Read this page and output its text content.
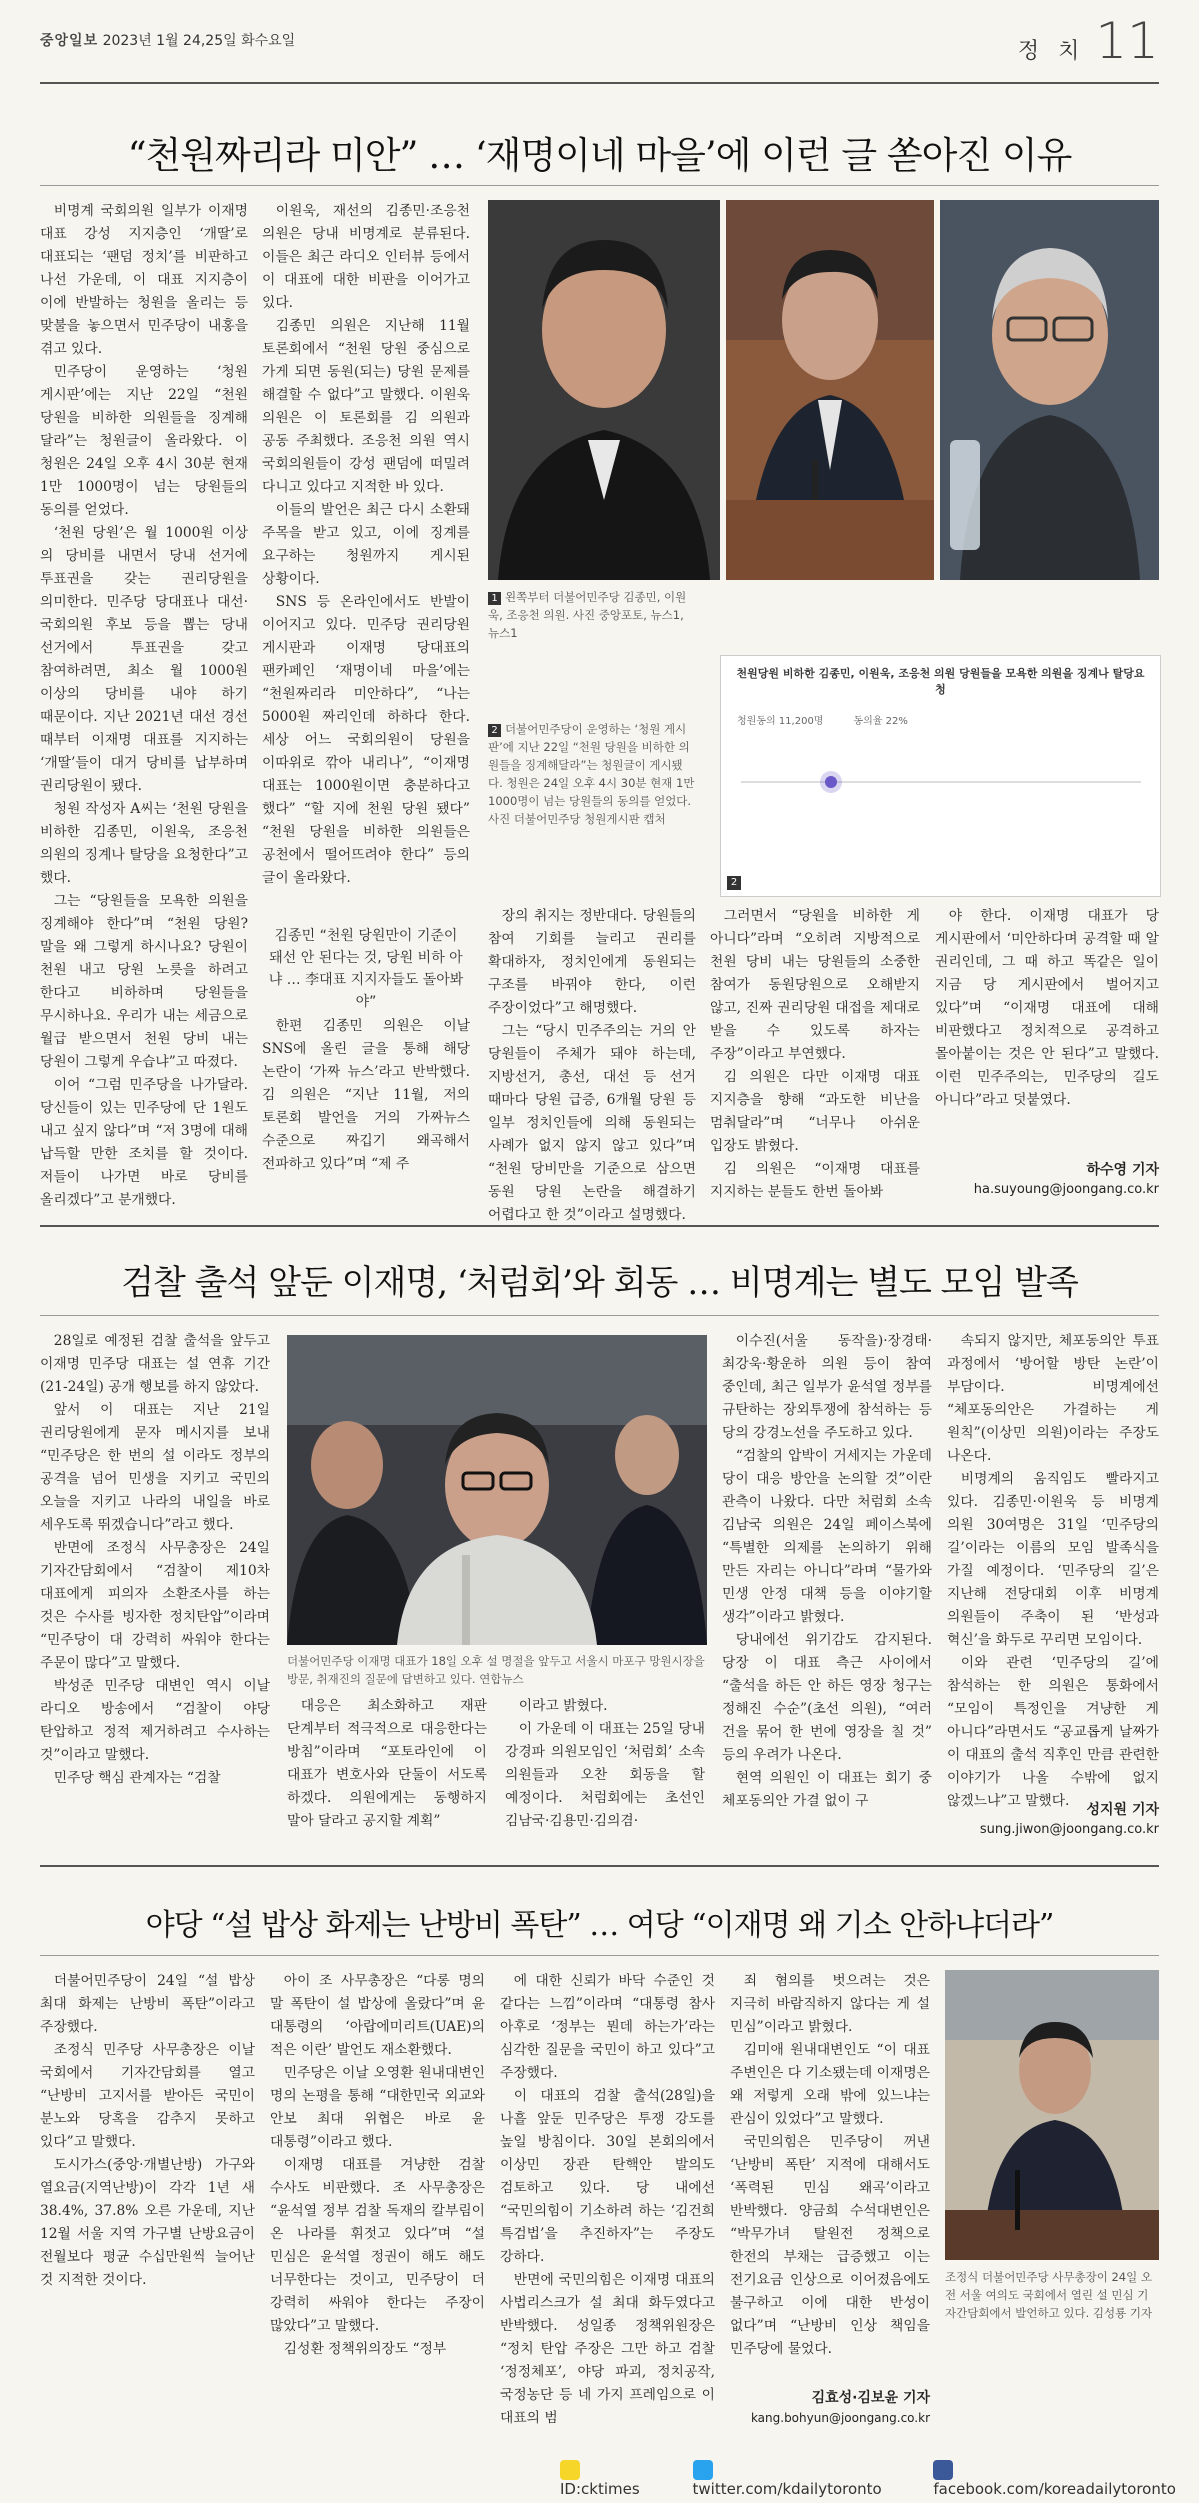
중앙일보 2023년 1월 24,25일 화수요일	정 치 11
“천원짜리라 미안” … ‘재명이네 마을’에 이런 글 쏟아진 이유

비명계 국회의원 일부가 이재명 대표 강성 지지층인 ‘개딸’로 대표되는 ‘팬덤 정치’를 비판하고 나선 가운데, 이 대표 지지층이 이에 반발하는 청원을 올리는 등 맞불을 놓으면서 민주당이 내홍을 겪고 있다.

민주당이 운영하는 ‘청원 게시판’에는 지난 22일 “천원 당원을 비하한 의원들을 징계해 달라”는 청원글이 올라왔다. 이 청원은 24일 오후 4시 30분 현재 1만 1000명이 넘는 당원들의 동의를 얻었다.

‘천원 당원’은 월 1000원 이상 의 당비를 내면서 당내 선거에 투표권을 갖는 권리당원을 의미한다. 민주당 당대표나 대선·국회의원 후보 등을 뽑는 당내 선거에서 투표권을 갖고 참여하려면, 최소 월 1000원 이상의 당비를 내야 하기 때문이다. 지난 2021년 대선 경선 때부터 이재명 대표를 지지하는 ‘개딸’들이 대거 당비를 납부하며 권리당원이 됐다.

청원 작성자 A씨는 ‘천원 당원을 비하한 김종민, 이원욱, 조응천 의원의 징계나 탈당을 요청한다”고 했다.

그는 “당원들을 모욕한 의원을 징계해야 한다”며 “천원 당원? 말을 왜 그렇게 하시나요? 당원이 천원 내고 당원 노릇을 하려고 한다고 비하하며 당원들을 무시하나요. 우리가 내는 세금으로 월급 받으면서 천원 당비 내는 당원이 그렇게 우습냐”고 따졌다.

이어 “그럼 민주당을 나가달라. 당신들이 있는 민주당에 단 1원도 내고 싶지 않다”며 “저 3명에 대해 납득할 만한 조치를 할 것이다. 저들이 나가면 바로 당비를 올리겠다”고 분개했다.

이원욱, 재선의 김종민·조응천 의원은 당내 비명계로 분류된다. 이들은 최근 라디오 인터뷰 등에서 이 대표에 대한 비판을 이어가고 있다.

김종민 의원은 지난해 11월 토론회에서 “천원 당원 중심으로 가게 되면 동원(되는) 당원 문제를 해결할 수 없다”고 말했다. 이원욱 의원은 이 토론회를 김 의원과 공동 주최했다. 조응천 의원 역시 국회의원들이 강성 팬덤에 떠밀려 다니고 있다고 지적한 바 있다.

이들의 발언은 최근 다시 소환돼 주목을 받고 있고, 이에 징계를 요구하는 청원까지 게시된 상황이다.

SNS 등 온라인에서도 반발이 이어지고 있다. 민주당 권리당원 게시판과 이재명 당대표의 팬카페인 ‘재명이네 마을’에는 “천원짜리라 미안하다”, “나는 5000원 짜리인데 하하다 한다. 세상 어느 국회의원이 당원을 이따위로 깎아 내리나”, “이재명 대표는 1000원이면 충분하다고 했다” “할 지에 천원 당원 됐다” “천원 당원을 비하한 의원들은 공천에서 떨어뜨려야 한다” 등의 글이 올라왔다.

김종민 “천원 당원만이 기준이 돼선 안 된다는 것, 당원 비하 아냐 … 李대표 지지자들도 돌아봐야”

한편 김종민 의원은 이날 SNS에 올린 글을 통해 해당 논란이 ‘가짜 뉴스’라고 반박했다. 김 의원은 “지난 11월, 저의 토론회 발언을 거의 가짜뉴스 수준으로 짜깁기 왜곡해서 전파하고 있다”며 “제 주

1 왼쪽부터 더불어민주당 김종민, 이원욱, 조응천 의원. 사진 중앙포토, 뉴스1, 뉴스1
2 더불어민주당이 운영하는 ‘청원 게시판’에 지난 22일 “천원 당원을 비하한 의원들을 징계해달라”는 청원글이 게시됐다. 청원은 24일 오후 4시 30분 현재 1만 1000명이 넘는 당원들의 동의를 얻었다. 사진 더불어민주당 청원게시판 캡처
천원당원 비하한 김종민, 이원욱, 조응천 의원 당원들을 모욕한 의원을 징계나 탈당요청
청원동의 11,200명	동의율 22%
2

장의 취지는 정반대다. 당원들의 참여 기회를 늘리고 권리를 확대하자, 정치인에게 동원되는 구조를 바꿔야 한다, 이런 주장이었다”고 해명했다.

그는 “당시 민주주의는 거의 안 당원들이 주체가 돼야 하는데, 지방선거, 총선, 대선 등 선거 때마다 당원 급증, 6개월 당원 등 일부 정치인들에 의해 동원되는 사례가 없지 않지 않고 있다”며 “천원 당비만을 기준으로 삼으면 동원 당원 논란을 해결하기 어렵다고 한 것”이라고 설명했다.

그러면서 “당원을 비하한 게 아니다”라며 “오히려 지방적으로 천원 당비 내는 당원들의 소중한 참여가 동원당원으로 오해받지 않고, 진짜 권리당원 대접을 제대로 받을 수 있도록 하자는 주장”이라고 부연했다.

김 의원은 다만 이재명 대표 지지층을 향해 “과도한 비난을 멈춰달라”며 “너무나 아쉬운 입장도 밝혔다.

김 의원은 “이재명 대표를 지지하는 분들도 한번 돌아봐

야 한다. 이재명 대표가 당 게시판에서 ‘미안하다며 공격할 때 알 권리인데, 그 때 하고 똑같은 일이 지금 당 게시판에서 벌어지고 있다”며 “이재명 대표에 대해 비판했다고 정치적으로 공격하고 몰아붙이는 것은 안 된다”고 말했다. 이런 민주주의는, 민주당의 길도 아니다”라고 덧붙였다.

하수영 기자
ha.suyoung@joongang.co.kr
검찰 출석 앞둔 이재명, ‘처럼회’와 회동 … 비명계는 별도 모임 발족

28일로 예정된 검찰 출석을 앞두고 이재명 민주당 대표는 설 연휴 기간(21-24일) 공개 행보를 하지 않았다.

앞서 이 대표는 지난 21일 권리당원에게 문자 메시지를 보내 “민주당은 한 번의 설 이라도 정부의 공격을 넘어 민생을 지키고 국민의 오늘을 지키고 나라의 내일을 바로 세우도록 뛰겠습니다”라고 했다.

반면에 조정식 사무총장은 24일 기자간담회에서 “검찰이 제10차 대표에게 피의자 소환조사를 하는 것은 수사를 빙자한 정치탄압”이라며 “민주당이 대 강력히 싸워야 한다는 주문이 많다”고 말했다.

박성준 민주당 대변인 역시 이날 라디오 방송에서 “검찰이 야당 탄압하고 정적 제거하려고 수사하는 것”이라고 말했다.

민주당 핵심 관계자는 “검찰

더불어민주당 이재명 대표가 18일 오후 설 명절을 앞두고 서울시 마포구 망원시장을 방문, 취재진의 질문에 답변하고 있다. 연합뉴스

대응은 최소화하고 재판 단계부터 적극적으로 대응한다는 방침”이라며 “포토라인에 이 대표가 변호사와 단둘이 서도록 하겠다. 의원에게는 동행하지 말아 달라고 공지할 계획”

이라고 밝혔다.

이 가운데 이 대표는 25일 당내 강경파 의원모임인 ‘처럼회’ 소속 의원들과 오찬 회동을 할 예정이다. 처럼회에는 초선인 김남국·김용민·김의겸·

이수진(서울 동작을)·장경태·최강욱·황운하 의원 등이 참여 중인데, 최근 일부가 윤석열 정부를 규탄하는 장외투쟁에 참석하는 등 당의 강경노선을 주도하고 있다.

“검찰의 압박이 거세지는 가운데 당이 대응 방안을 논의할 것”이란 관측이 나왔다. 다만 처럼회 소속 김남국 의원은 24일 페이스북에 “특별한 의제를 논의하기 위해 만든 자리는 아니다”라며 “물가와 민생 안정 대책 등을 이야기할 생각”이라고 밝혔다.

당내에선 위기감도 감지된다. 당장 이 대표 측근 사이에서 “출석을 하든 안 하든 영장 청구는 정해진 수순”(초선 의원), “여러 건을 묶어 한 번에 영장을 칠 것” 등의 우려가 나온다.

현역 의원인 이 대표는 회기 중 체포동의안 가결 없이 구

속되지 않지만, 체포동의안 투표 과정에서 ‘방어할 방탄 논란’이 부담이다. 비명계에선 “체포동의안은 가결하는 게 원칙”(이상민 의원)이라는 주장도 나온다.

비명계의 움직임도 빨라지고 있다. 김종민·이원욱 등 비명계 의원 30여명은 31일 ‘민주당의 길’이라는 이름의 모임 발족식을 가질 예정이다. ‘민주당의 길’은 지난해 전당대회 이후 비명계 의원들이 주축이 된 ‘반성과 혁신’을 화두로 꾸리면 모임이다.

이와 관련 ‘민주당의 길’에 참석하는 한 의원은 통화에서 “모임이 특정인을 겨냥한 게 아니다”라면서도 “공교롭게 날짜가 이 대표의 출석 직후인 만큼 관련한 이야기가 나올 수밖에 없지 않겠느냐”고 말했다.

성지원 기자
sung.jiwon@joongang.co.kr
야당 “설 밥상 화제는 난방비 폭탄” … 여당 “이재명 왜 기소 안하냐더라”

더불어민주당이 24일 “설 밥상 최대 화제는 난방비 폭탄”이라고 주장했다.

조정식 민주당 사무총장은 이날 국회에서 기자간담회를 열고 “난방비 고지서를 받아든 국민이 분노와 당혹을 감추지 못하고 있다”고 말했다.

도시가스(중앙·개별난방) 가구와 열요금(지역난방)이 각각 1년 새 38.4%, 37.8% 오른 가운데, 지난 12월 서울 지역 가구별 난방요금이 전월보다 평균 수십만원씩 늘어난 것 지적한 것이다.

아이 조 사무총장은 “다롱 명의 말 폭탄이 설 밥상에 올랐다”며 윤 대통령의 ‘아랍에미리트(UAE)의 적은 이란’ 발언도 재소환했다.

민주당은 이날 오영환 원내대변인 명의 논평을 통해 “대한민국 외교와 안보 최대 위협은 바로 윤 대통령”이라고 했다.

이재명 대표를 겨냥한 검찰 수사도 비판했다. 조 사무총장은 “윤석열 정부 검찰 독재의 칼부림이 온 나라를 휘젓고 있다”며 “설 민심은 윤석열 정권이 해도 해도 너무한다는 것이고, 민주당이 더 강력히 싸워야 한다는 주장이 많았다”고 말했다.

김성환 정책위의장도 “정부

에 대한 신뢰가 바닥 수준인 것 같다는 느낌”이라며 “대통령 참사 아후로 ‘정부는 뭔데 하는가’라는 심각한 질문을 국민이 하고 있다”고 주장했다.

이 대표의 검찰 출석(28일)을 나흘 앞둔 민주당은 투쟁 강도를 높일 방침이다. 30일 본회의에서 이상민 장관 탄핵안 발의도 검토하고 있다. 당 내에선 “국민의힘이 기소하려 하는 ‘김건희 특검법’을 추진하자”는 주장도 강하다.

반면에 국민의힘은 이재명 대표의 사법리스크가 설 최대 화두였다고 반박했다. 성일종 정책위원장은 “정치 탄압 주장은 그만 하고 검찰 ‘정정체포’, 야당 파괴, 정치공작, 국정농단 등 네 가지 프레임으로 이 대표의 범

죄 혐의를 벗으려는 것은 지극히 바람직하지 않다는 게 설 민심”이라고 밝혔다.

김미애 원내대변인도 “이 대표 주변인은 다 기소됐는데 이재명은 왜 저렇게 오래 밖에 있느냐는 관심이 있었다”고 말했다.

국민의힘은 민주당이 꺼낸 ‘난방비 폭탄’ 지적에 대해서도 ‘폭력된 민심 왜곡’이라고 반박했다. 양금희 수석대변인은 “박무가녀 탈원전 정책으로 한전의 부채는 급증했고 이는 전기요금 인상으로 이어졌음에도 불구하고 이에 대한 반성이 없다”며 “난방비 인상 책임을 민주당에 물었다.

김효성·김보윤 기자
kang.bohyun@joongang.co.kr
조정식 더불어민주당 사무총장이 24일 오전 서울 여의도 국회에서 열린 설 민심 기자간담회에서 발언하고 있다. 김성룡 기자
ID:cktimes	twitter.com/kdailytoronto	facebook.com/koreadailytoronto
